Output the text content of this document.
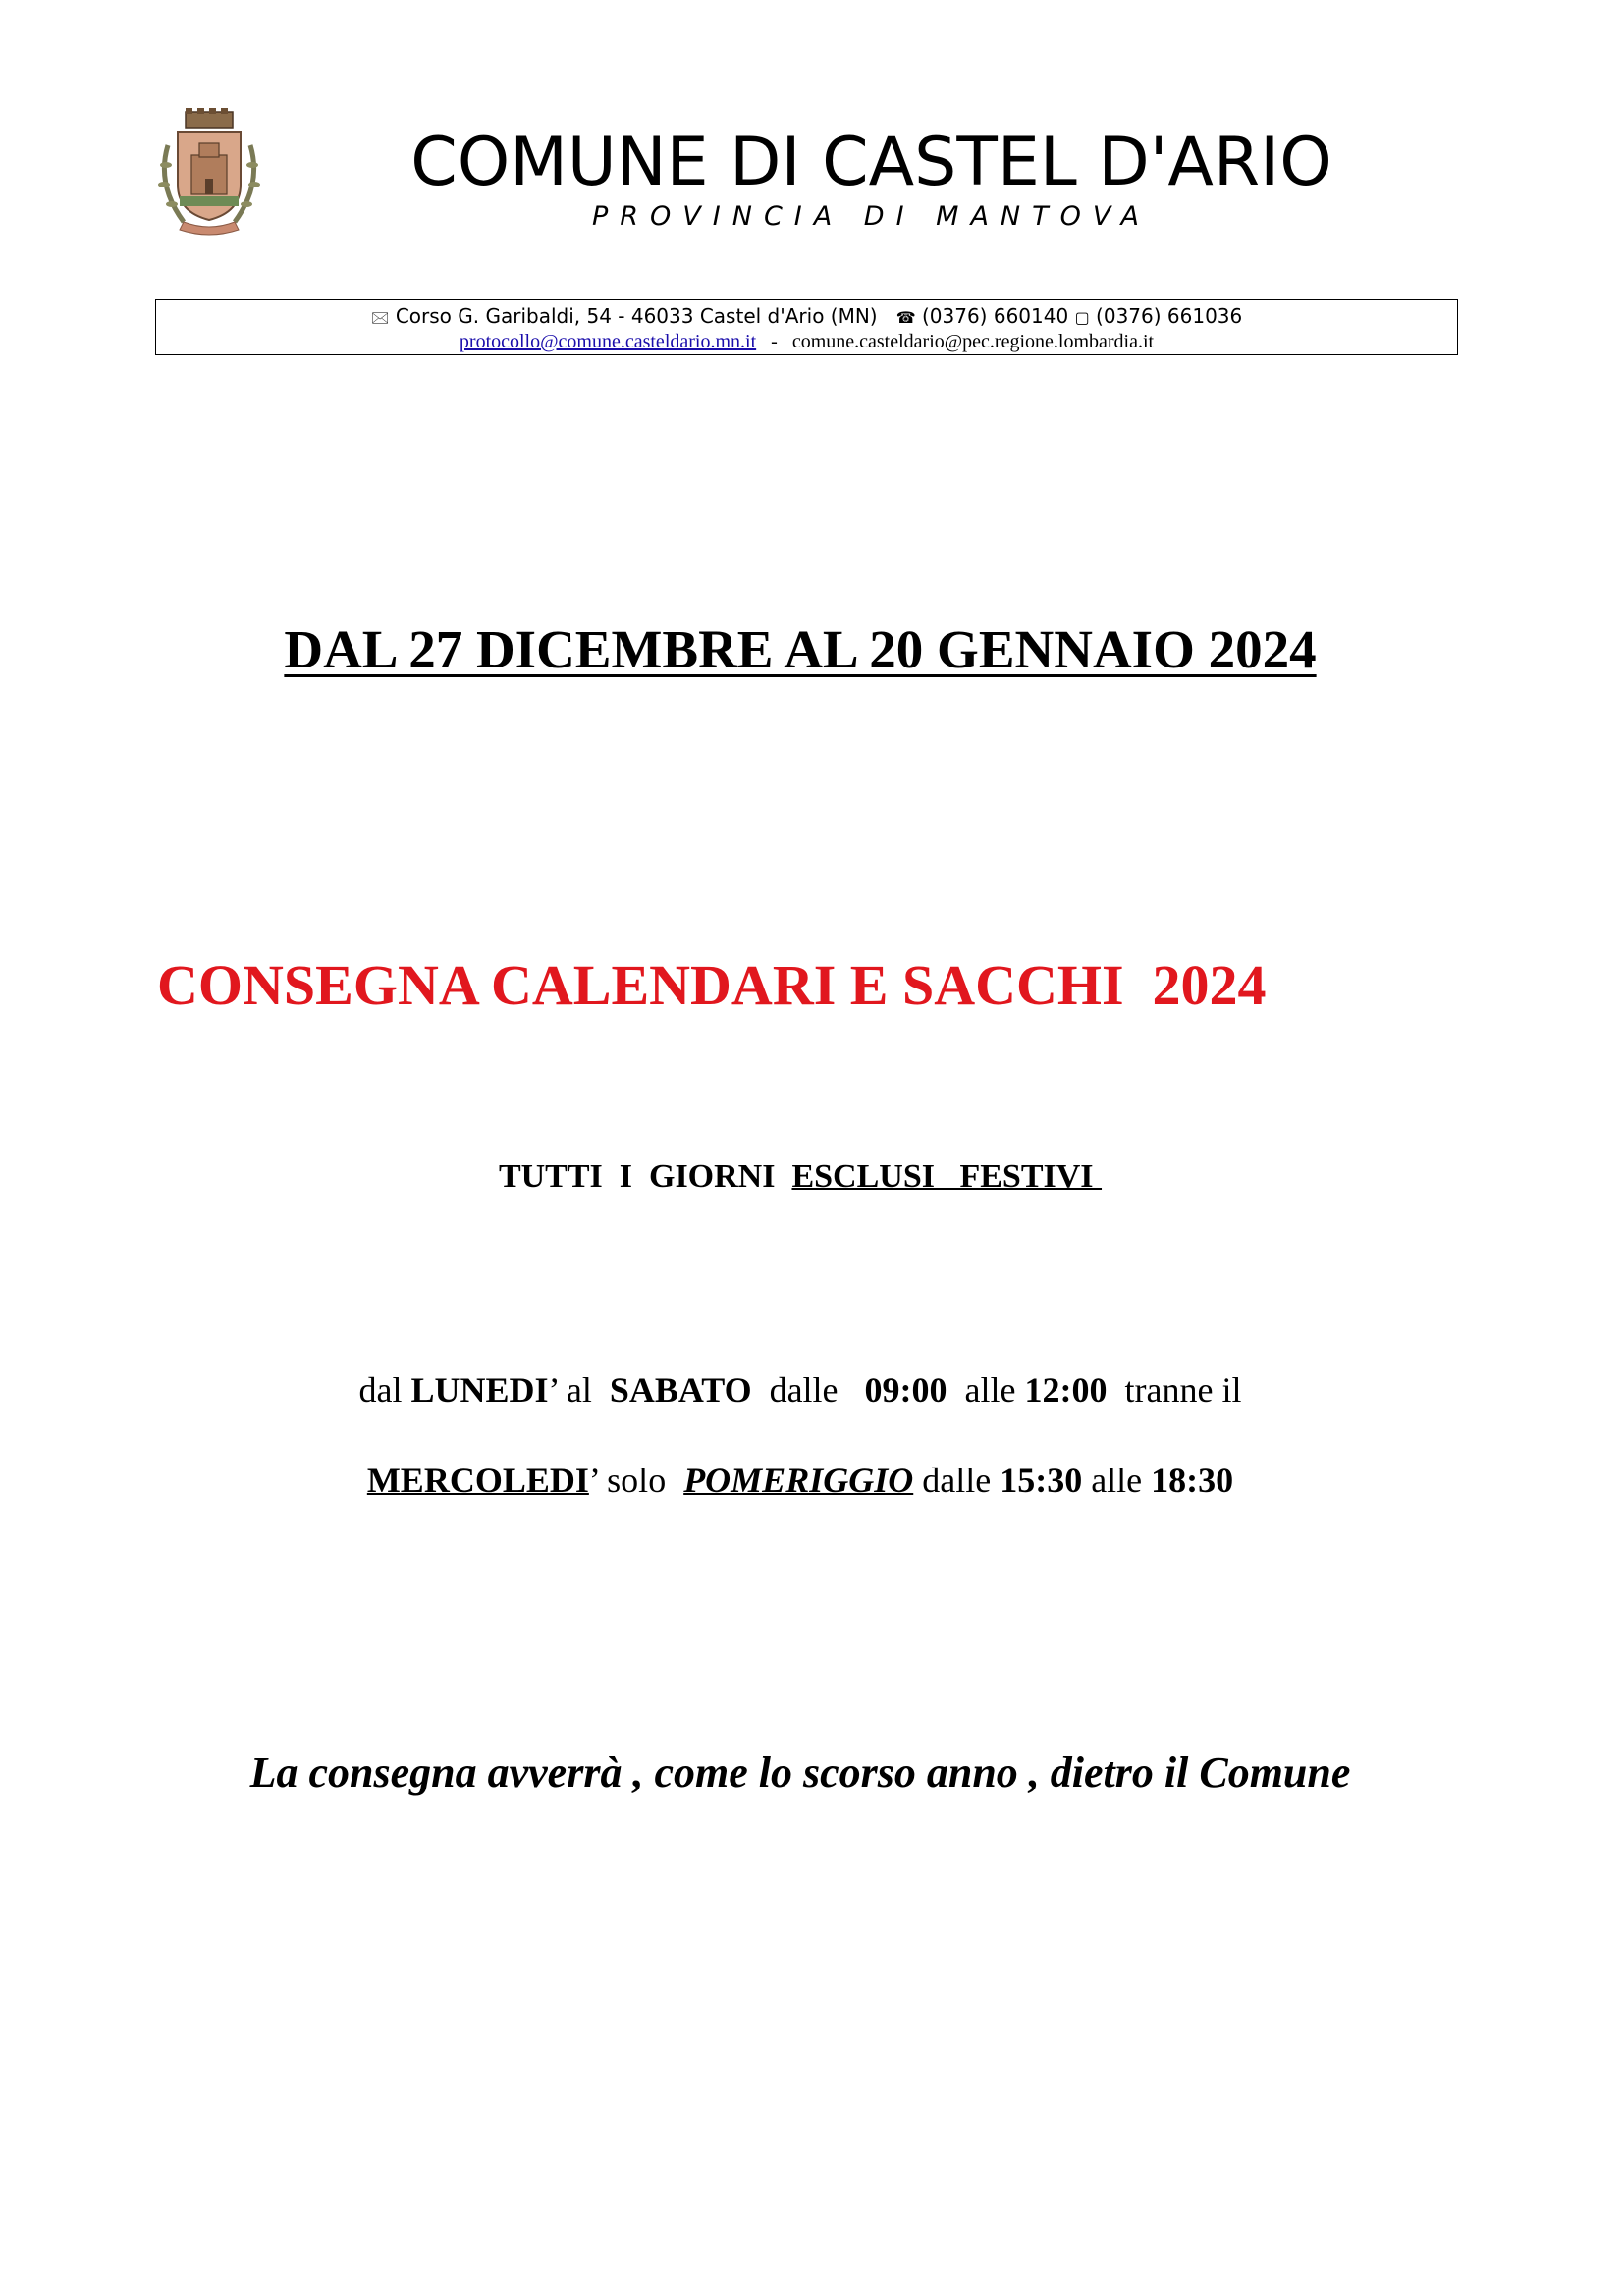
COMUNE DI CASTEL D'ARIO
PROVINCIA DI MANTOVA
🖂 Corso G. Garibaldi, 54 - 46033 Castel d'Ario (MN) ☎ (0376) 660140 ▢ (0376) 661036
protocollo@comune.casteldario.mn.it - comune.casteldario@pec.regione.lombardia.it
DAL 27 DICEMBRE AL 20 GENNAIO 2024
CONSEGNA CALENDARI E SACCHI  2024
TUTTI  I  GIORNI  ESCLUSI   FESTIVI
dal LUNEDI’ al  SABATO  dalle   09:00  alle 12:00  tranne il
MERCOLEDI’ solo  POMERIGGIO dalle 15:30 alle 18:30
La consegna avverrà , come lo scorso anno , dietro il Comune
